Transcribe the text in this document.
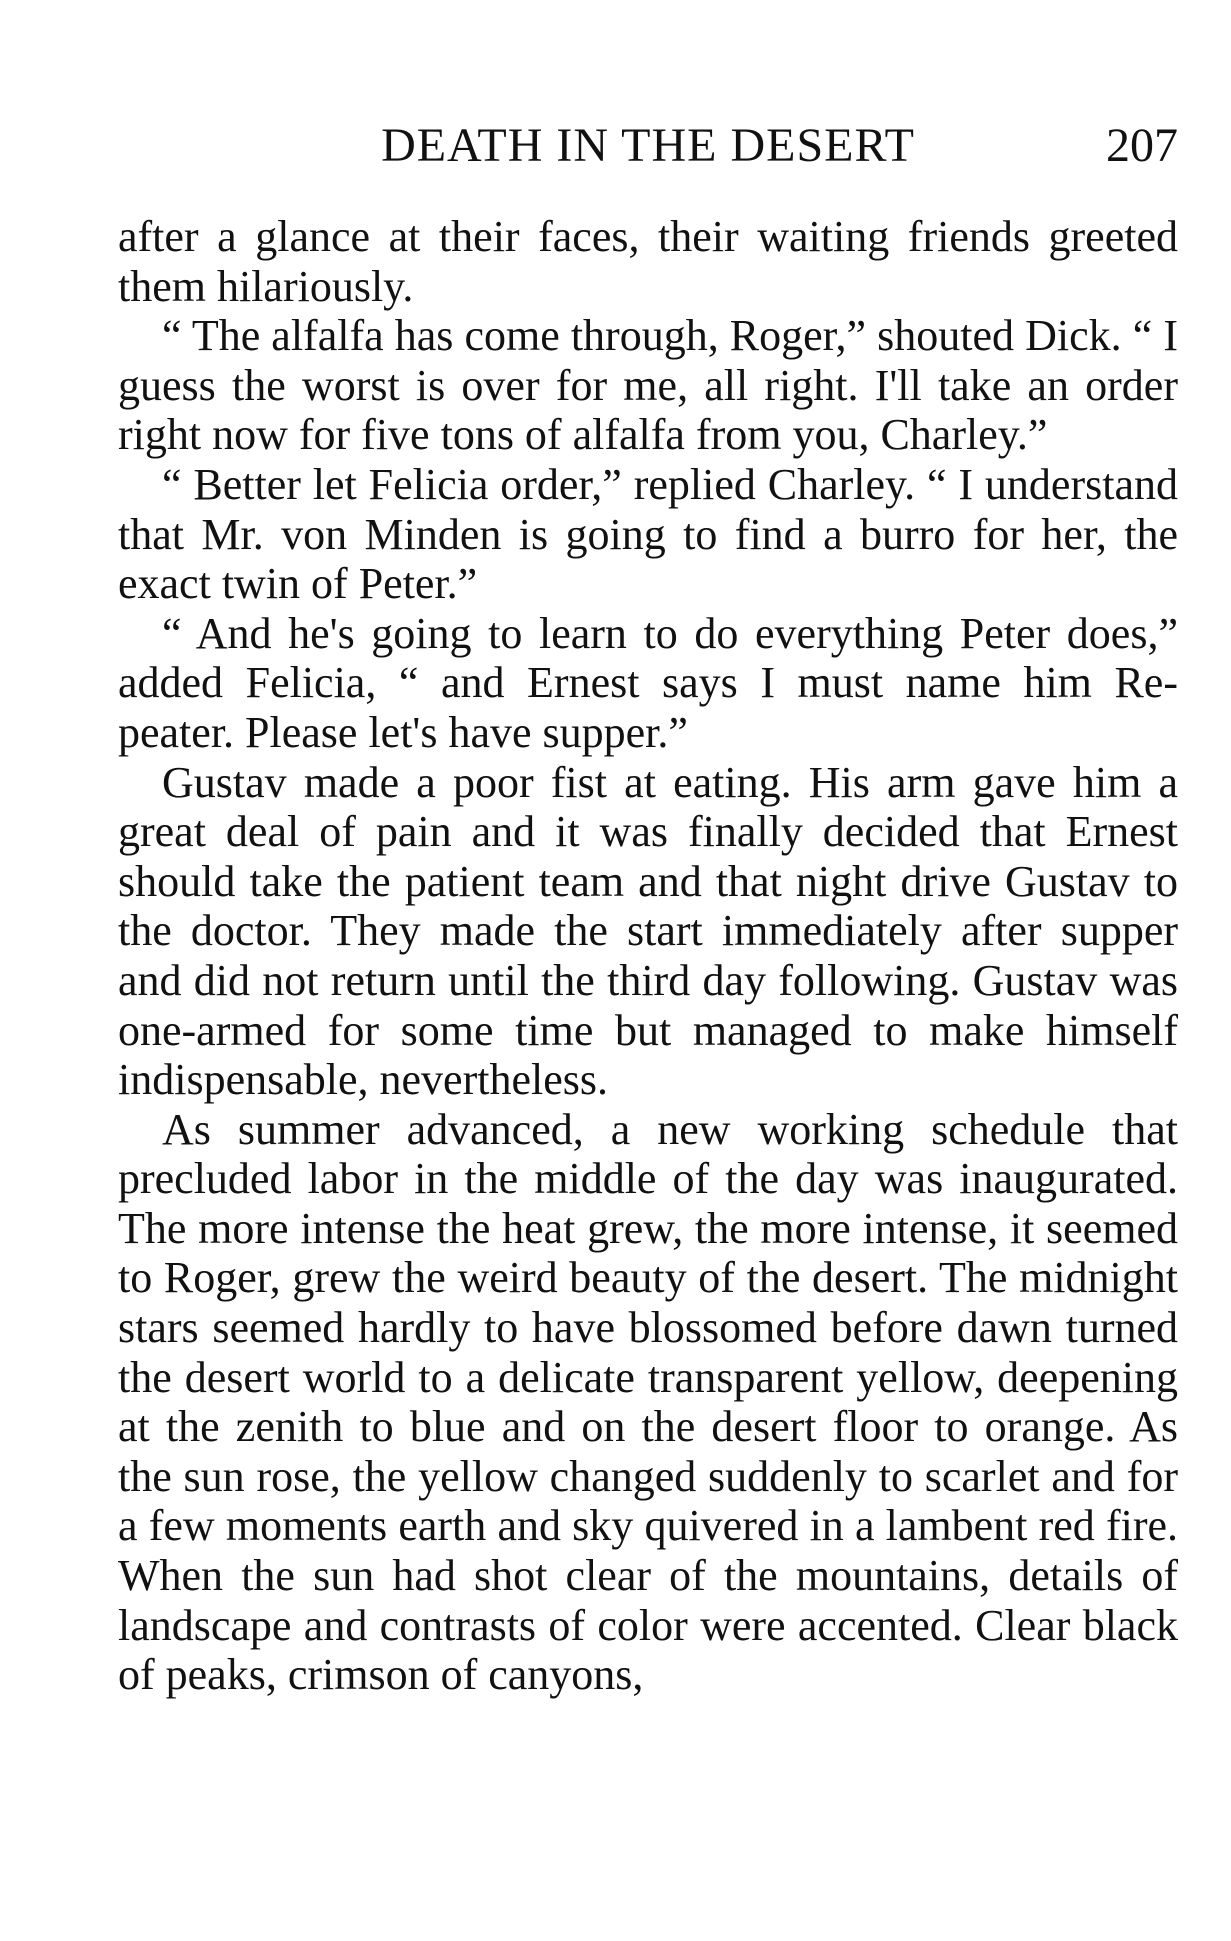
DEATH IN THE DESERT	207

after a glance at their faces, their waiting friends greeted them hilariously.

“ The alfalfa has come through, Roger,” shouted Dick. “ I guess the worst is over for me, all right. I'll take an order right now for five tons of alfalfa from you, Charley.”

“ Better let Felicia order,” replied Charley. “ I understand that Mr. von Minden is going to find a burro for her, the exact twin of Peter.”

“ And he's going to learn to do everything Peter does,” added Felicia, “ and Ernest says I must name him Re-peater. Please let's have supper.”

Gustav made a poor fist at eating. His arm gave him a great deal of pain and it was finally decided that Ernest should take the patient team and that night drive Gustav to the doctor. They made the start immediately after supper and did not return until the third day following. Gustav was one-armed for some time but managed to make himself indispensable, nevertheless.

As summer advanced, a new working schedule that precluded labor in the middle of the day was inaugurated. The more intense the heat grew, the more intense, it seemed to Roger, grew the weird beauty of the desert. The midnight stars seemed hardly to have blossomed before dawn turned the desert world to a delicate transparent yellow, deepening at the zenith to blue and on the desert floor to orange. As the sun rose, the yellow changed suddenly to scarlet and for a few moments earth and sky quivered in a lambent red fire. When the sun had shot clear of the mountains, details of landscape and contrasts of color were accented. Clear black of peaks, crimson of canyons,
